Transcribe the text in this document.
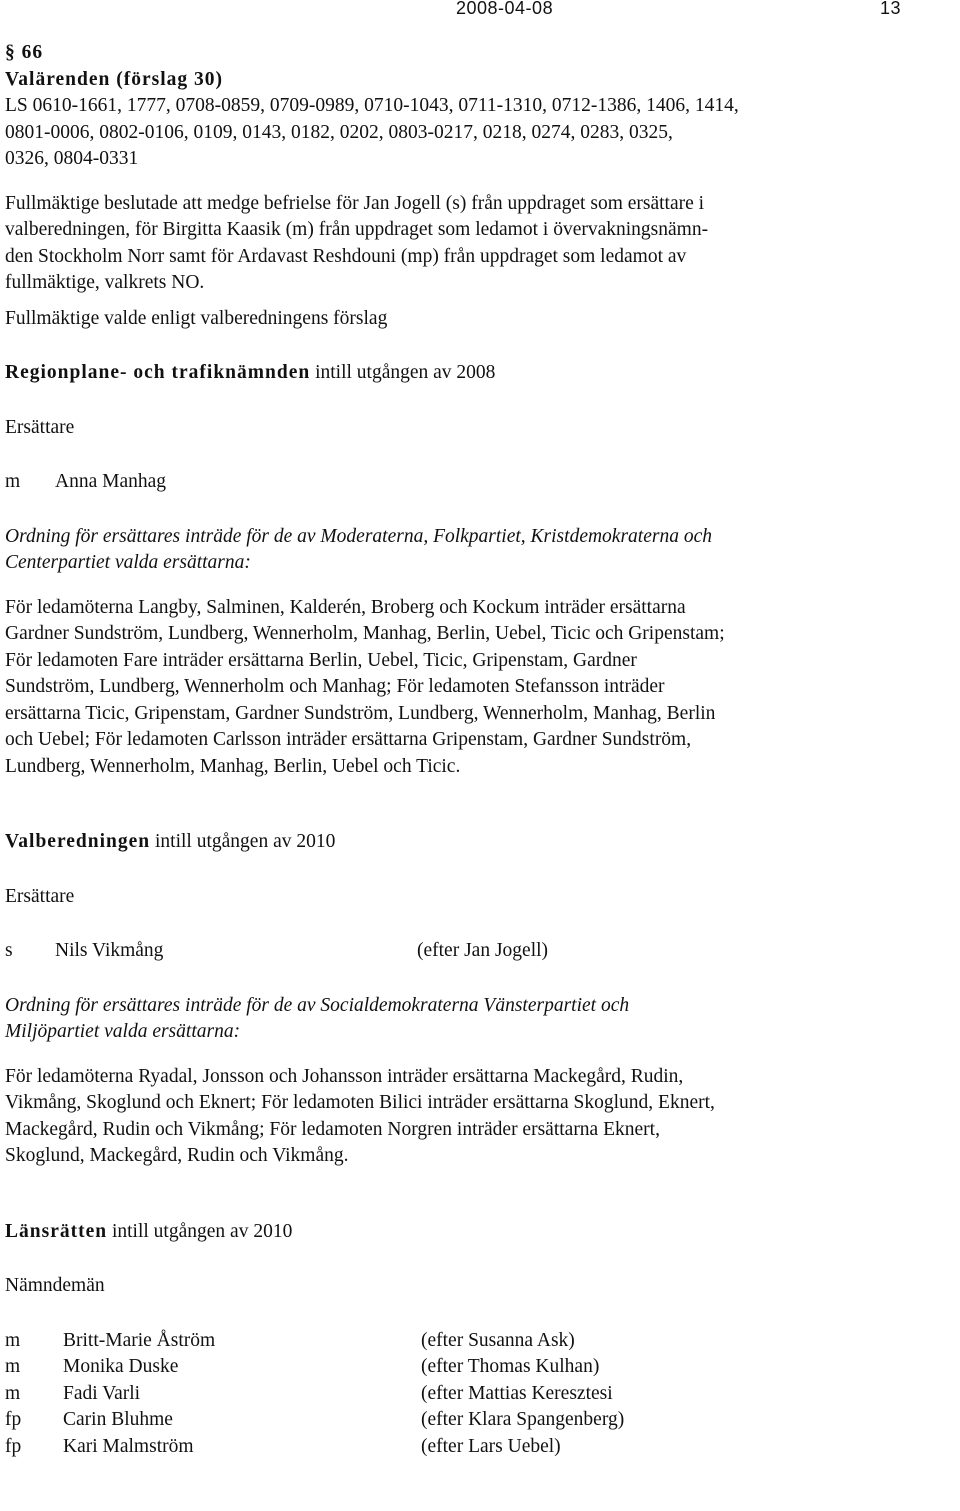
2008-04-08	13
§ 66
Valärenden (förslag 30)
LS 0610-1661, 1777, 0708-0859, 0709-0989, 0710-1043, 0711-1310, 0712-1386, 1406, 1414,
0801-0006, 0802-0106, 0109, 0143, 0182, 0202, 0803-0217, 0218, 0274, 0283, 0325,
0326, 0804-0331
Fullmäktige beslutade att medge befrielse för Jan Jogell (s) från uppdraget som ersättare i
valberedningen, för Birgitta Kaasik (m) från uppdraget som ledamot i övervakningsnämn-
den Stockholm Norr samt för Ardavast Reshdouni (mp) från uppdraget som ledamot av
fullmäktige, valkrets NO.
Fullmäktige valde enligt valberedningens förslag
Regionplane- och trafiknämnden intill utgången av 2008
Ersättare
m	Anna Manhag
Ordning för ersättares inträde för de av Moderaterna, Folkpartiet, Kristdemokraterna och
Centerpartiet valda ersättarna:
För ledamöterna Langby, Salminen, Kalderén, Broberg och Kockum inträder ersättarna
Gardner Sundström, Lundberg, Wennerholm, Manhag, Berlin, Uebel, Ticic och Gripenstam;
För ledamoten Fare inträder ersättarna Berlin, Uebel, Ticic, Gripenstam, Gardner
Sundström, Lundberg, Wennerholm och Manhag; För ledamoten Stefansson inträder
ersättarna Ticic, Gripenstam, Gardner Sundström, Lundberg, Wennerholm, Manhag, Berlin
och Uebel; För ledamoten Carlsson inträder ersättarna Gripenstam, Gardner Sundström,
Lundberg, Wennerholm, Manhag, Berlin, Uebel och Ticic.
Valberedningen intill utgången av 2010
Ersättare
s	Nils Vikmång	(efter Jan Jogell)
Ordning för ersättares inträde för de av Socialdemokraterna Vänsterpartiet och
Miljöpartiet valda ersättarna:
För ledamöterna Ryadal, Jonsson och Johansson inträder ersättarna Mackegård, Rudin,
Vikmång, Skoglund och Eknert; För ledamoten Bilici inträder ersättarna Skoglund, Eknert,
Mackegård, Rudin och Vikmång; För ledamoten Norgren inträder ersättarna Eknert,
Skoglund, Mackegård, Rudin och Vikmång.
Länsrätten intill utgången av 2010
Nämndemän
m	Britt-Marie Åström	(efter Susanna Ask)
m	Monika Duske	(efter Thomas Kulhan)
m	Fadi Varli	(efter Mattias Keresztesi
fp	Carin Bluhme	(efter Klara Spangenberg)
fp	Kari Malmström	(efter Lars Uebel)
